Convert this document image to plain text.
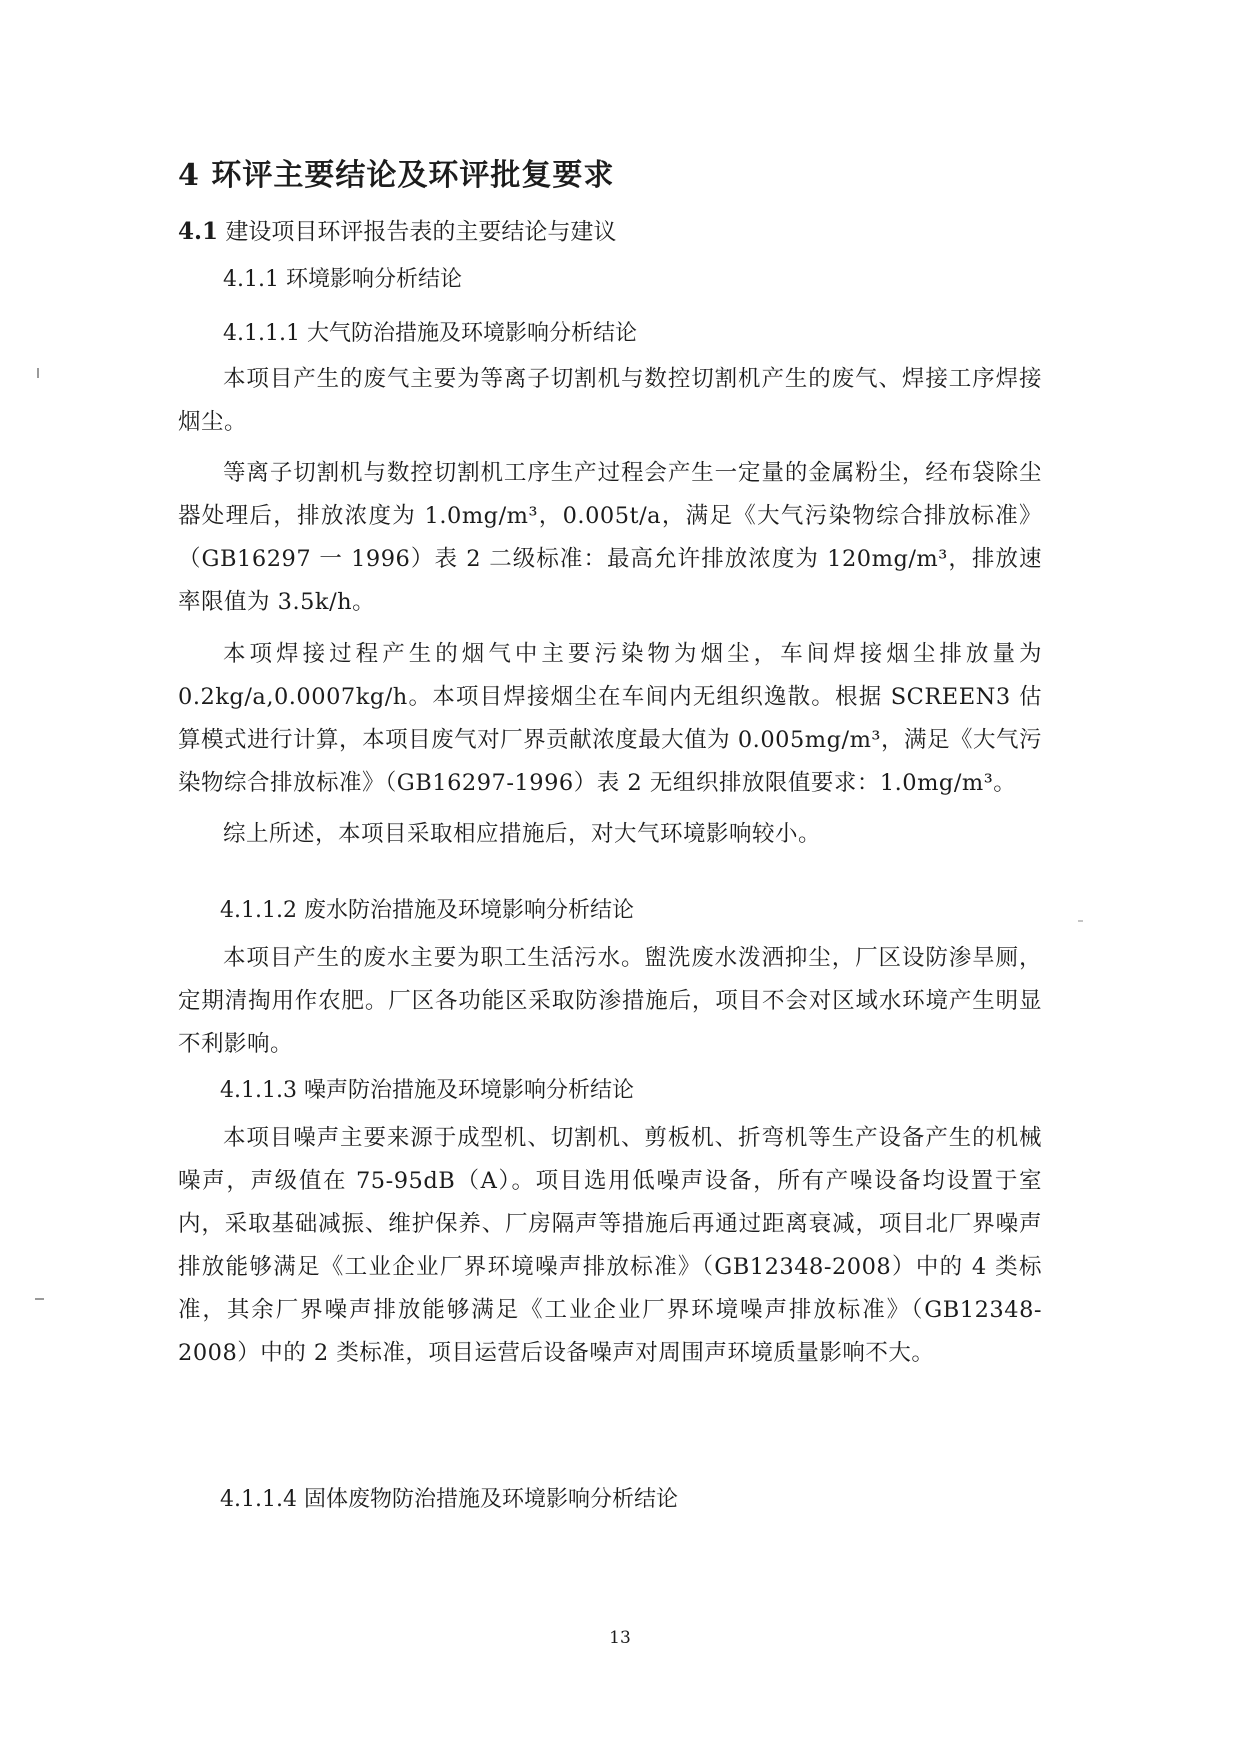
4 环评主要结论及环评批复要求
4.1 建设项目环评报告表的主要结论与建议
4.1.1 环境影响分析结论
4.1.1.1 大气防治措施及环境影响分析结论
本项目产生的废气主要为等离子切割机与数控切割机产生的废气、焊接工序焊接烟尘。
等离子切割机与数控切割机工序生产过程会产生一定量的金属粉尘，经布袋除尘器处理后，排放浓度为 1.0mg/m³，0.005t/a，满足《大气污染物综合排放标准》（GB16297 一 1996）表 2 二级标准：最高允许排放浓度为 120mg/m³，排放速率限值为 3.5k/h。
本项焊接过程产生的烟气中主要污染物为烟尘，车间焊接烟尘排放量为 0.2kg/a,0.0007kg/h。本项目焊接烟尘在车间内无组织逸散。根据 SCREEN3 估算模式进行计算，本项目废气对厂界贡献浓度最大值为 0.005mg/m³，满足《大气污染物综合排放标准》（GB16297-1996）表 2 无组织排放限值要求：1.0mg/m³。
综上所述，本项目采取相应措施后，对大气环境影响较小。
4.1.1.2 废水防治措施及环境影响分析结论
本项目产生的废水主要为职工生活污水。盥洗废水泼洒抑尘，厂区设防渗旱厕，定期清掏用作农肥。厂区各功能区采取防渗措施后，项目不会对区域水环境产生明显不利影响。
4.1.1.3 噪声防治措施及环境影响分析结论
本项目噪声主要来源于成型机、切割机、剪板机、折弯机等生产设备产生的机械噪声，声级值在 75-95dB（A）。项目选用低噪声设备，所有产噪设备均设置于室内，采取基础减振、维护保养、厂房隔声等措施后再通过距离衰减，项目北厂界噪声排放能够满足《工业企业厂界环境噪声排放标准》（GB12348-2008）中的 4 类标准，其余厂界噪声排放能够满足《工业企业厂界环境噪声排放标准》（GB12348-2008）中的 2 类标准，项目运营后设备噪声对周围声环境质量影响不大。
4.1.1.4 固体废物防治措施及环境影响分析结论
13
